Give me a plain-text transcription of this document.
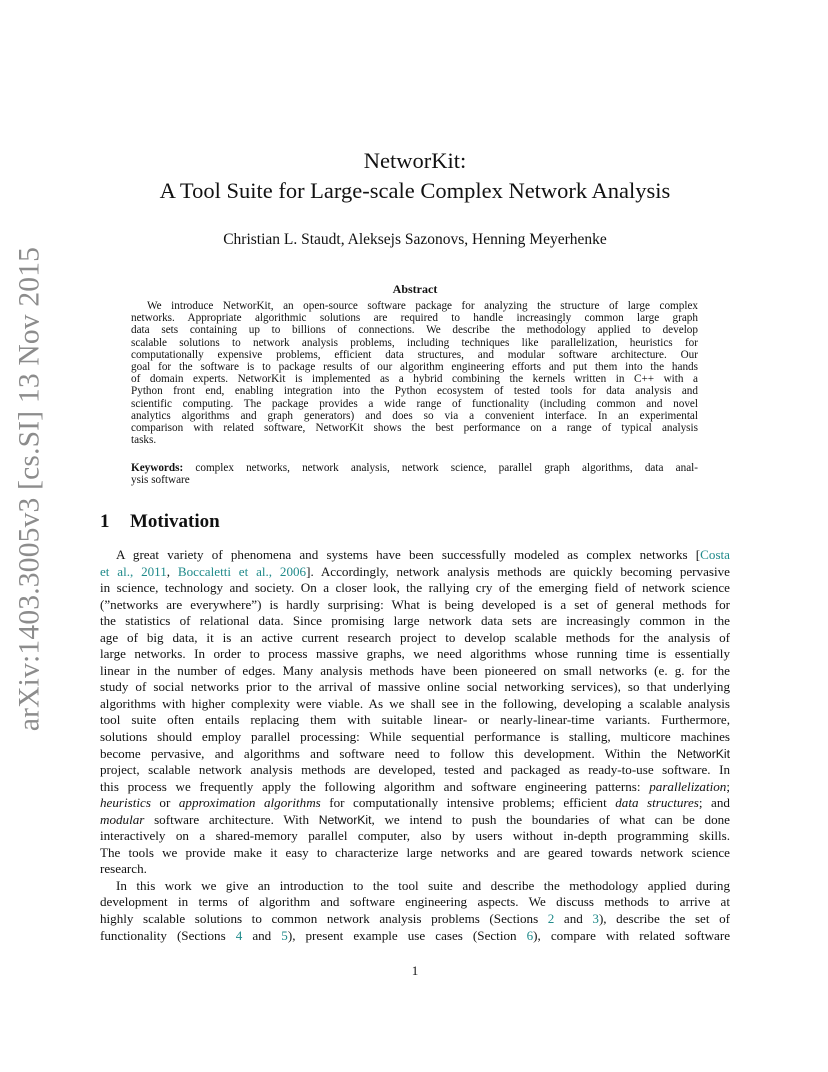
arXiv:1403.3005v3 [cs.SI] 13 Nov 2015
NetworKit:
A Tool Suite for Large-scale Complex Network Analysis
Christian L. Staudt, Aleksejs Sazonovs, Henning Meyerhenke
Abstract
We introduce NetworKit, an open-source software package for analyzing the structure of large complex
networks. Appropriate algorithmic solutions are required to handle increasingly common large graph
data sets containing up to billions of connections. We describe the methodology applied to develop
scalable solutions to network analysis problems, including techniques like parallelization, heuristics for
computationally expensive problems, efficient data structures, and modular software architecture. Our
goal for the software is to package results of our algorithm engineering efforts and put them into the hands
of domain experts. NetworKit is implemented as a hybrid combining the kernels written in C++ with a
Python front end, enabling integration into the Python ecosystem of tested tools for data analysis and
scientific computing. The package provides a wide range of functionality (including common and novel
analytics algorithms and graph generators) and does so via a convenient interface. In an experimental
comparison with related software, NetworKit shows the best performance on a range of typical analysis
tasks.
Keywords: complex networks, network analysis, network science, parallel graph algorithms, data anal-
ysis software
1 Motivation
A great variety of phenomena and systems have been successfully modeled as complex networks [Costa
et al., 2011, Boccaletti et al., 2006]. Accordingly, network analysis methods are quickly becoming pervasive
in science, technology and society. On a closer look, the rallying cry of the emerging field of network science
(”networks are everywhere”) is hardly surprising: What is being developed is a set of general methods for
the statistics of relational data. Since promising large network data sets are increasingly common in the
age of big data, it is an active current research project to develop scalable methods for the analysis of
large networks. In order to process massive graphs, we need algorithms whose running time is essentially
linear in the number of edges. Many analysis methods have been pioneered on small networks (e. g. for the
study of social networks prior to the arrival of massive online social networking services), so that underlying
algorithms with higher complexity were viable. As we shall see in the following, developing a scalable analysis
tool suite often entails replacing them with suitable linear- or nearly-linear-time variants. Furthermore,
solutions should employ parallel processing: While sequential performance is stalling, multicore machines
become pervasive, and algorithms and software need to follow this development. Within the NetworKit
project, scalable network analysis methods are developed, tested and packaged as ready-to-use software. In
this process we frequently apply the following algorithm and software engineering patterns: parallelization;
heuristics or approximation algorithms for computationally intensive problems; efficient data structures; and
modular software architecture. With NetworKit, we intend to push the boundaries of what can be done
interactively on a shared-memory parallel computer, also by users without in-depth programming skills.
The tools we provide make it easy to characterize large networks and are geared towards network science
research.
In this work we give an introduction to the tool suite and describe the methodology applied during
development in terms of algorithm and software engineering aspects. We discuss methods to arrive at
highly scalable solutions to common network analysis problems (Sections 2 and 3), describe the set of
functionality (Sections 4 and 5), present example use cases (Section 6), compare with related software
1
